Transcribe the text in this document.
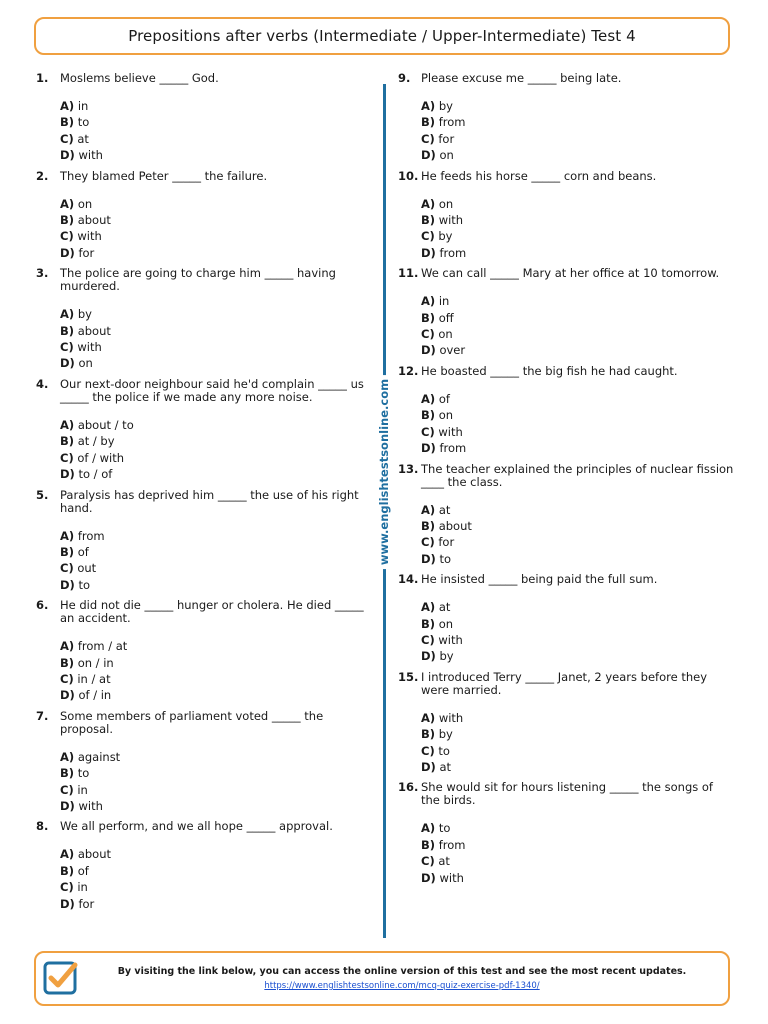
Prepositions after verbs (Intermediate / Upper-Intermediate) Test 4
1.	Moslems believe _____ God.
A) in
B) to
C) at
D) with
2.	They blamed Peter _____ the failure.
A) on
B) about
C) with
D) for
3.	The police are going to charge him _____ having murdered.
A) by
B) about
C) with
D) on
4.	Our next-door neighbour said he'd complain _____ us _____ the police if we made any more noise.
A) about / to
B) at / by
C) of / with
D) to / of
5.	Paralysis has deprived him _____ the use of his right hand.
A) from
B) of
C) out
D) to
6.	He did not die _____ hunger or cholera. He died _____ an accident.
A) from / at
B) on / in
C) in / at
D) of / in
7.	Some members of parliament voted _____ the proposal.
A) against
B) to
C) in
D) with
8.	We all perform, and we all hope _____ approval.
A) about
B) of
C) in
D) for
www.englishtestsonline.com
9. Please excuse me _____ being late.
A) by
B) from
C) for
D) on
10. He feeds his horse _____ corn and beans.
A) on
B) with
C) by
D) from
11. We can call _____ Mary at her office at 10 tomorrow.
A) in
B) off
C) on
D) over
12. He boasted _____ the big fish he had caught.
A) of
B) on
C) with
D) from
13. The teacher explained the principles of nuclear fission ____ the class.
A) at
B) about
C) for
D) to
14. He insisted _____ being paid the full sum.
A) at
B) on
C) with
D) by
15. I introduced Terry _____ Janet, 2 years before they were married.
A) with
B) by
C) to
D) at
16. She would sit for hours listening _____ the songs of the birds.
A) to
B) from
C) at
D) with
By visiting the link below, you can access the online version of this test and see the most recent updates.
https://www.englishtestsonline.com/mcq-quiz-exercise-pdf-1340/
